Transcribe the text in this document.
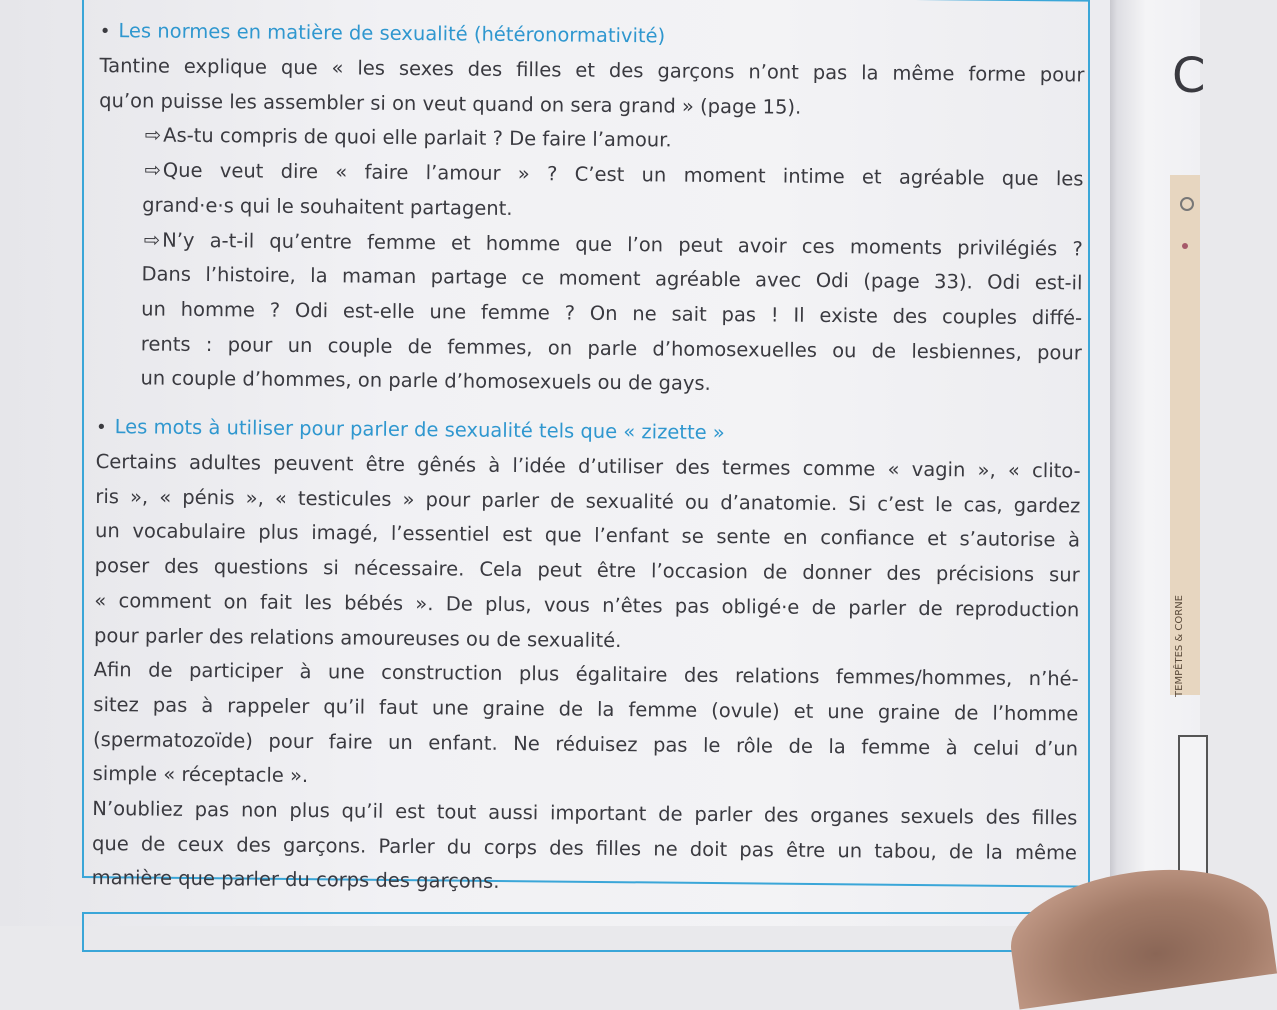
• Les normes en matière de sexualité (hétéronormativité)
Tantine explique que « les sexes des filles et des garçons n’ont pas la même forme pour
qu’on puisse les assembler si on veut quand on sera grand » (page 15).
⇨As-tu compris de quoi elle parlait ? De faire l’amour.
⇨Que veut dire « faire l’amour » ? C’est un moment intime et agréable que les
grand·e·s qui le souhaitent partagent.
⇨N’y a-t-il qu’entre femme et homme que l’on peut avoir ces moments privilégiés ?
Dans l’histoire, la maman partage ce moment agréable avec Odi (page 33). Odi est-il
un homme ? Odi est-elle une femme ? On ne sait pas ! Il existe des couples diffé-
rents : pour un couple de femmes, on parle d’homosexuelles ou de lesbiennes, pour
un couple d’hommes, on parle d’homosexuels ou de gays.
• Les mots à utiliser pour parler de sexualité tels que « zizette »
Certains adultes peuvent être gênés à l’idée d’utiliser des termes comme « vagin », « clito-
ris », « pénis », « testicules » pour parler de sexualité ou d’anatomie. Si c’est le cas, gardez
un vocabulaire plus imagé, l’essentiel est que l’enfant se sente en confiance et s’autorise à
poser des questions si nécessaire. Cela peut être l’occasion de donner des précisions sur
« comment on fait les bébés ». De plus, vous n’êtes pas obligé·e de parler de reproduction
pour parler des relations amoureuses ou de sexualité.
Afin de participer à une construction plus égalitaire des relations femmes/hommes, n’hé-
sitez pas à rappeler qu’il faut une graine de la femme (ovule) et une graine de l’homme
(spermatozoïde) pour faire un enfant. Ne réduisez pas le rôle de la femme à celui d’un
simple « réceptacle ».
N’oubliez pas non plus qu’il est tout aussi important de parler des organes sexuels des filles
que de ceux des garçons. Parler du corps des filles ne doit pas être un tabou, de la même
manière que parler du corps des garçons.
C
TEMPÊTES & CORNE
